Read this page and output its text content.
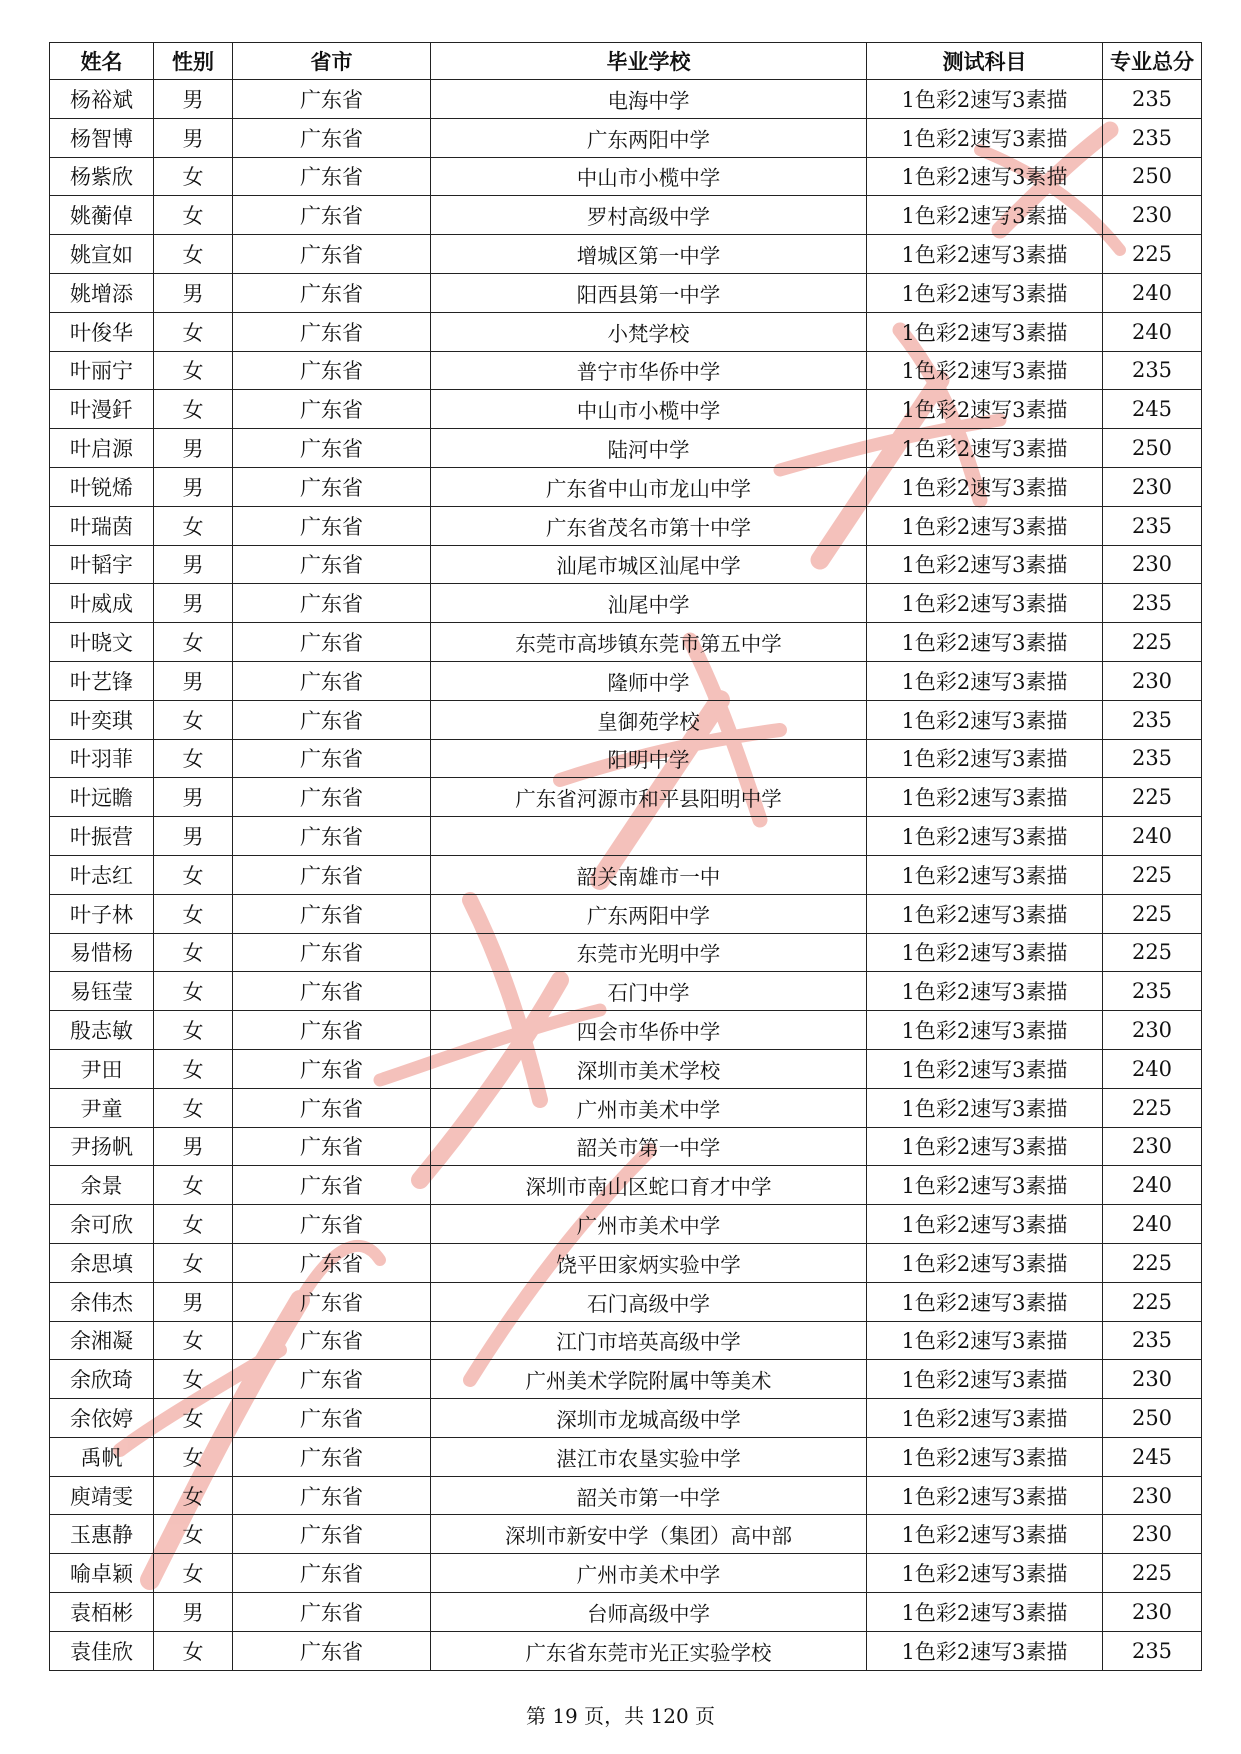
姓名	性别	省市	毕业学校	测试科目	专业总分
杨裕斌	男	广东省	电海中学	1色彩2速写3素描	235
杨智博	男	广东省	广东两阳中学	1色彩2速写3素描	235
杨紫欣	女	广东省	中山市小榄中学	1色彩2速写3素描	250
姚蘅倬	女	广东省	罗村高级中学	1色彩2速写3素描	230
姚宣如	女	广东省	增城区第一中学	1色彩2速写3素描	225
姚增添	男	广东省	阳西县第一中学	1色彩2速写3素描	240
叶俊华	女	广东省	小梵学校	1色彩2速写3素描	240
叶丽宁	女	广东省	普宁市华侨中学	1色彩2速写3素描	235
叶漫釺	女	广东省	中山市小榄中学	1色彩2速写3素描	245
叶启源	男	广东省	陆河中学	1色彩2速写3素描	250
叶锐烯	男	广东省	广东省中山市龙山中学	1色彩2速写3素描	230
叶瑞茵	女	广东省	广东省茂名市第十中学	1色彩2速写3素描	235
叶韬宇	男	广东省	汕尾市城区汕尾中学	1色彩2速写3素描	230
叶威成	男	广东省	汕尾中学	1色彩2速写3素描	235
叶晓文	女	广东省	东莞市高埗镇东莞市第五中学	1色彩2速写3素描	225
叶艺锋	男	广东省	隆师中学	1色彩2速写3素描	230
叶奕琪	女	广东省	皇御苑学校	1色彩2速写3素描	235
叶羽菲	女	广东省	阳明中学	1色彩2速写3素描	235
叶远瞻	男	广东省	广东省河源市和平县阳明中学	1色彩2速写3素描	225
叶振营	男	广东省		1色彩2速写3素描	240
叶志红	女	广东省	韶关南雄市一中	1色彩2速写3素描	225
叶子林	女	广东省	广东两阳中学	1色彩2速写3素描	225
易惜杨	女	广东省	东莞市光明中学	1色彩2速写3素描	225
易钰莹	女	广东省	石门中学	1色彩2速写3素描	235
殷志敏	女	广东省	四会市华侨中学	1色彩2速写3素描	230
尹田	女	广东省	深圳市美术学校	1色彩2速写3素描	240
尹童	女	广东省	广州市美术中学	1色彩2速写3素描	225
尹扬帆	男	广东省	韶关市第一中学	1色彩2速写3素描	230
余景	女	广东省	深圳市南山区蛇口育才中学	1色彩2速写3素描	240
余可欣	女	广东省	广州市美术中学	1色彩2速写3素描	240
余思填	女	广东省	饶平田家炳实验中学	1色彩2速写3素描	225
余伟杰	男	广东省	石门高级中学	1色彩2速写3素描	225
余湘凝	女	广东省	江门市培英高级中学	1色彩2速写3素描	235
余欣琦	女	广东省	广州美术学院附属中等美术	1色彩2速写3素描	230
余依婷	女	广东省	深圳市龙城高级中学	1色彩2速写3素描	250
禹帆	女	广东省	湛江市农垦实验中学	1色彩2速写3素描	245
庾靖雯	女	广东省	韶关市第一中学	1色彩2速写3素描	230
玉惠静	女	广东省	深圳市新安中学（集团）高中部	1色彩2速写3素描	230
喻卓颖	女	广东省	广州市美术中学	1色彩2速写3素描	225
袁栢彬	男	广东省	台师高级中学	1色彩2速写3素描	230
袁佳欣	女	广东省	广东省东莞市光正实验学校	1色彩2速写3素描	235
第 19 页，共 120 页
